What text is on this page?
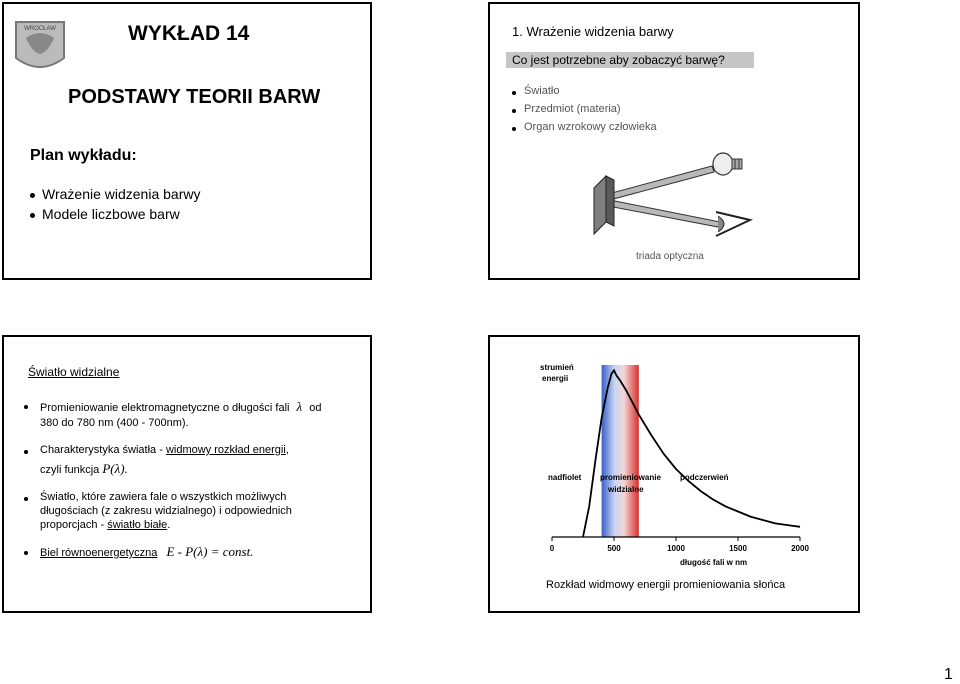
WROCŁAW	WYKŁAD 14
PODSTAWY TEORII BARW
Plan wykładu:
Wrażenie widzenia barwy
Modele liczbowe barw
1. Wrażenie widzenia barwy
Co jest potrzebne aby zobaczyć barwę?
Światło
Przedmiot (materia)
Organ wzrokowy człowieka
triada optyczna
Światło widzialne
Promieniowanie elektromagnetyczne o długości fali λ od
380 do 780 nm (400 - 700nm).
Charakterystyka światła - widmowy rozkład energii,
czyli funkcja P(λ).
Światło, które zawiera fale o wszystkich możliwych
długościach (z zakresu widzialnego) i odpowiednich
proporcjach - światło białe.
Biel równoenergetyczna E - P(λ) = const.	0	500	1000	1500	2000
strumień
energii
nadfiolet promieniowanie
widzialne
podczerwień
długość fali w nm
Rozkład widmowy energii promieniowania słońca
1
